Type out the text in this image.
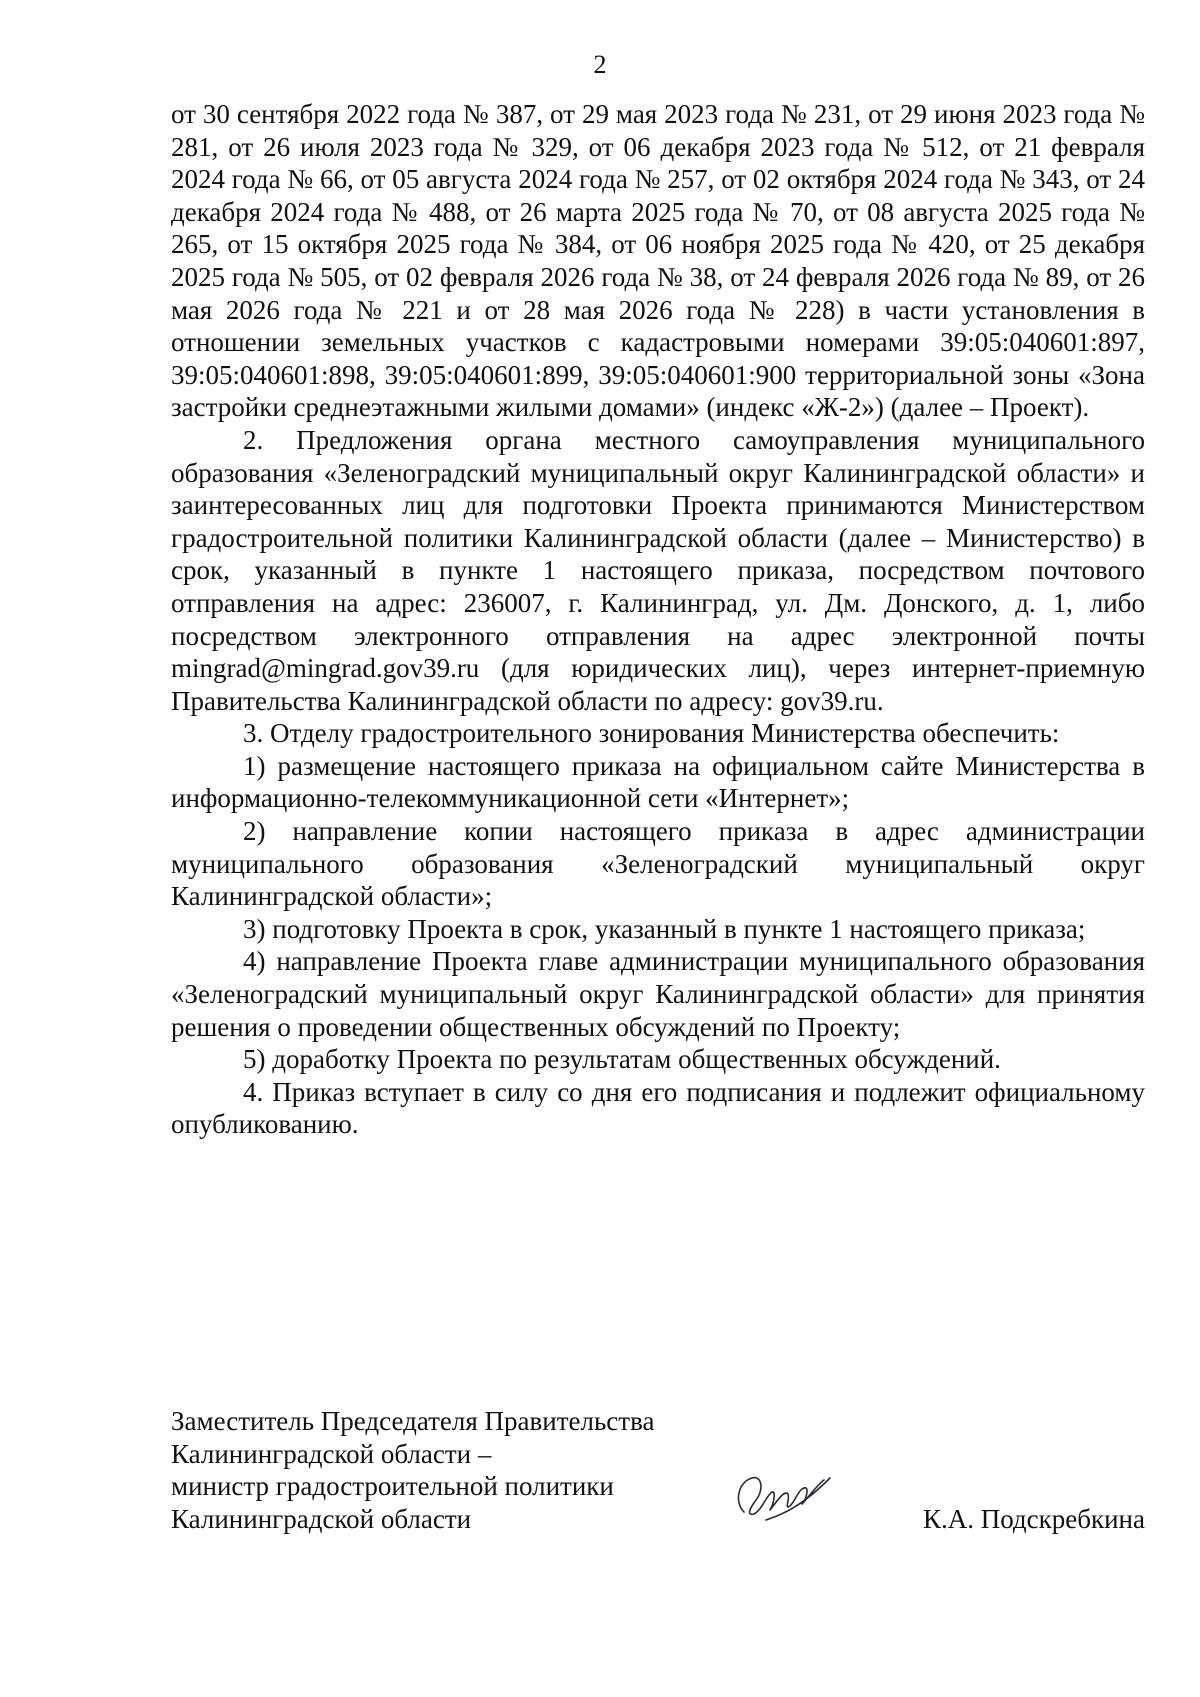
2

от 30 сентября 2022 года № 387, от 29 мая 2023 года № 231, от 29 июня 2023 года № 281, от 26 июля 2023 года № 329, от 06 декабря 2023 года № 512, от 21 февраля 2024 года № 66, от 05 августа 2024 года № 257, от 02 октября 2024 года № 343, от 24 декабря 2024 года № 488, от 26 марта 2025 года № 70, от 08 августа 2025 года № 265, от 15 октября 2025 года № 384, от 06 ноября 2025 года № 420, от 25 декабря 2025 года № 505, от 02 февраля 2026 года № 38, от 24 февраля 2026 года № 89, от 26 мая 2026 года № 221 и от 28 мая 2026 года № 228) в части установления в отношении земельных участков с кадастровыми номерами 39:05:040601:897, 39:05:040601:898, 39:05:040601:899, 39:05:040601:900 территориальной зоны «Зона застройки среднеэтажными жилыми домами» (индекс «Ж-2») (далее – Проект).

2. Предложения органа местного самоуправления муниципального образования «Зеленоградский муниципальный округ Калининградской области» и заинтересованных лиц для подготовки Проекта принимаются Министерством градостроительной политики Калининградской области (далее – Министерство) в срок, указанный в пункте 1 настоящего приказа, посредством почтового отправления на адрес: 236007, г. Калининград, ул. Дм. Донского, д. 1, либо посредством электронного отправления на адрес электронной почты mingrad@mingrad.gov39.ru (для юридических лиц), через интернет-приемную Правительства Калининградской области по адресу: gov39.ru.

3. Отделу градостроительного зонирования Министерства обеспечить:

1) размещение настоящего приказа на официальном сайте Министерства в информационно-телекоммуникационной сети «Интернет»;

2) направление копии настоящего приказа в адрес администрации муниципального образования «Зеленоградский муниципальный округ Калининградской области»;

3) подготовку Проекта в срок, указанный в пункте 1 настоящего приказа;

4) направление Проекта главе администрации муниципального образования «Зеленоградский муниципальный округ Калининградской области» для принятия решения о проведении общественных обсуждений по Проекту;

5) доработку Проекта по результатам общественных обсуждений.

4. Приказ вступает в силу со дня его подписания и подлежит официальному опубликованию.

Заместитель Председателя Правительства
Калининградской области –
министр градостроительной политики
Калининградской области	К.А. Подскребкина
